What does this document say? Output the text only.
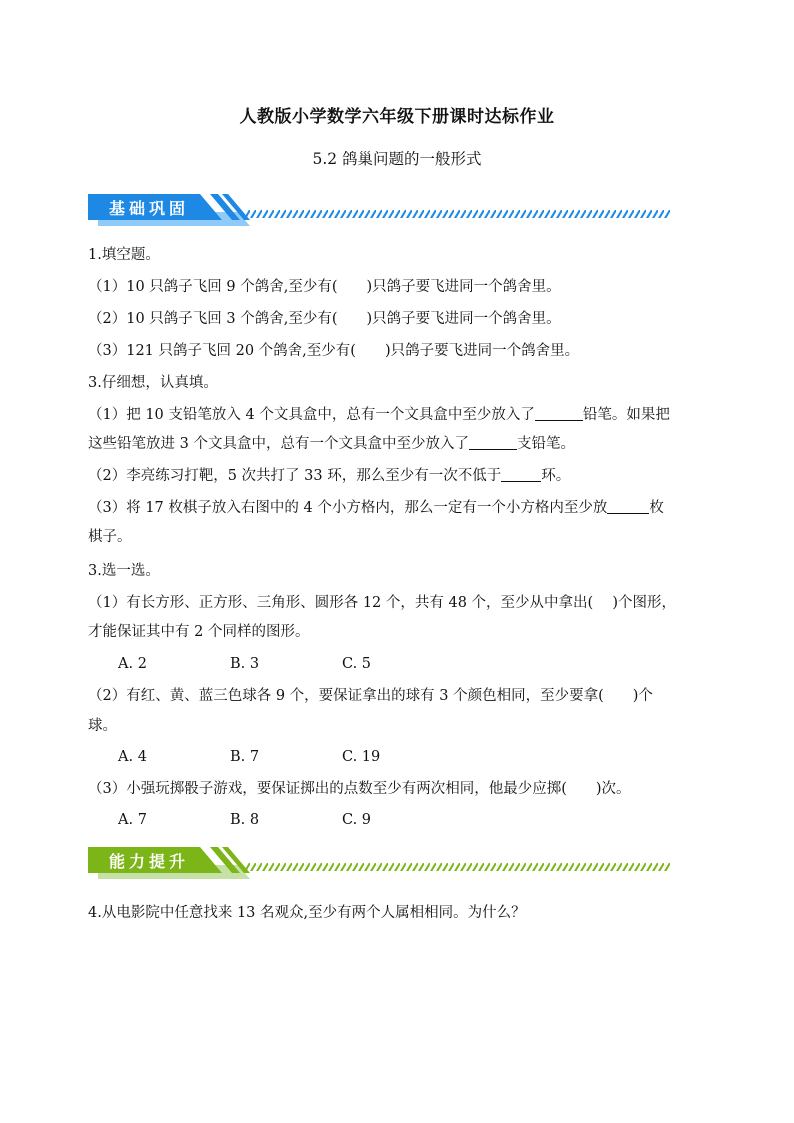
人教版小学数学六年级下册课时达标作业
5.2 鸽巢问题的一般形式
基础巩固
1.填空题。
（1）10 只鸽子飞回 9 个鸽舍,至少有(　　)只鸽子要飞进同一个鸽舍里。
（2）10 只鸽子飞回 3 个鸽舍,至少有(　　)只鸽子要飞进同一个鸽舍里。
（3）121 只鸽子飞回 20 个鸽舍,至少有(　　)只鸽子要飞进同一个鸽舍里。
3.仔细想，认真填。
（1）把 10 支铅笔放入 4 个文具盒中，总有一个文具盒中至少放入了	铅笔。如果把
这些铅笔放进 3 个文具盒中，总有一个文具盒中至少放入了	支铅笔。
（2）李亮练习打靶，5 次共打了 33 环，那么至少有一次不低于	环。
（3）将 17 枚棋子放入右图中的 4 个小方格内，那么一定有一个小方格内至少放	枚
棋子。
3.选一选。
（1）有长方形、正方形、三角形、圆形各 12 个，共有 48 个，至少从中拿出(　 )个图形，
才能保证其中有 2 个同样的图形。
A. 2	B. 3	C. 5
（2）有红、黄、蓝三色球各 9 个，要保证拿出的球有 3 个颜色相同，至少要拿(　　)个
球。
A. 4	B. 7	C. 19
（3）小强玩掷骰子游戏，要保证掷出的点数至少有两次相同，他最少应掷(　　)次。
A. 7	B. 8	C. 9
能力提升
4.从电影院中任意找来 13 名观众,至少有两个人属相相同。为什么？
